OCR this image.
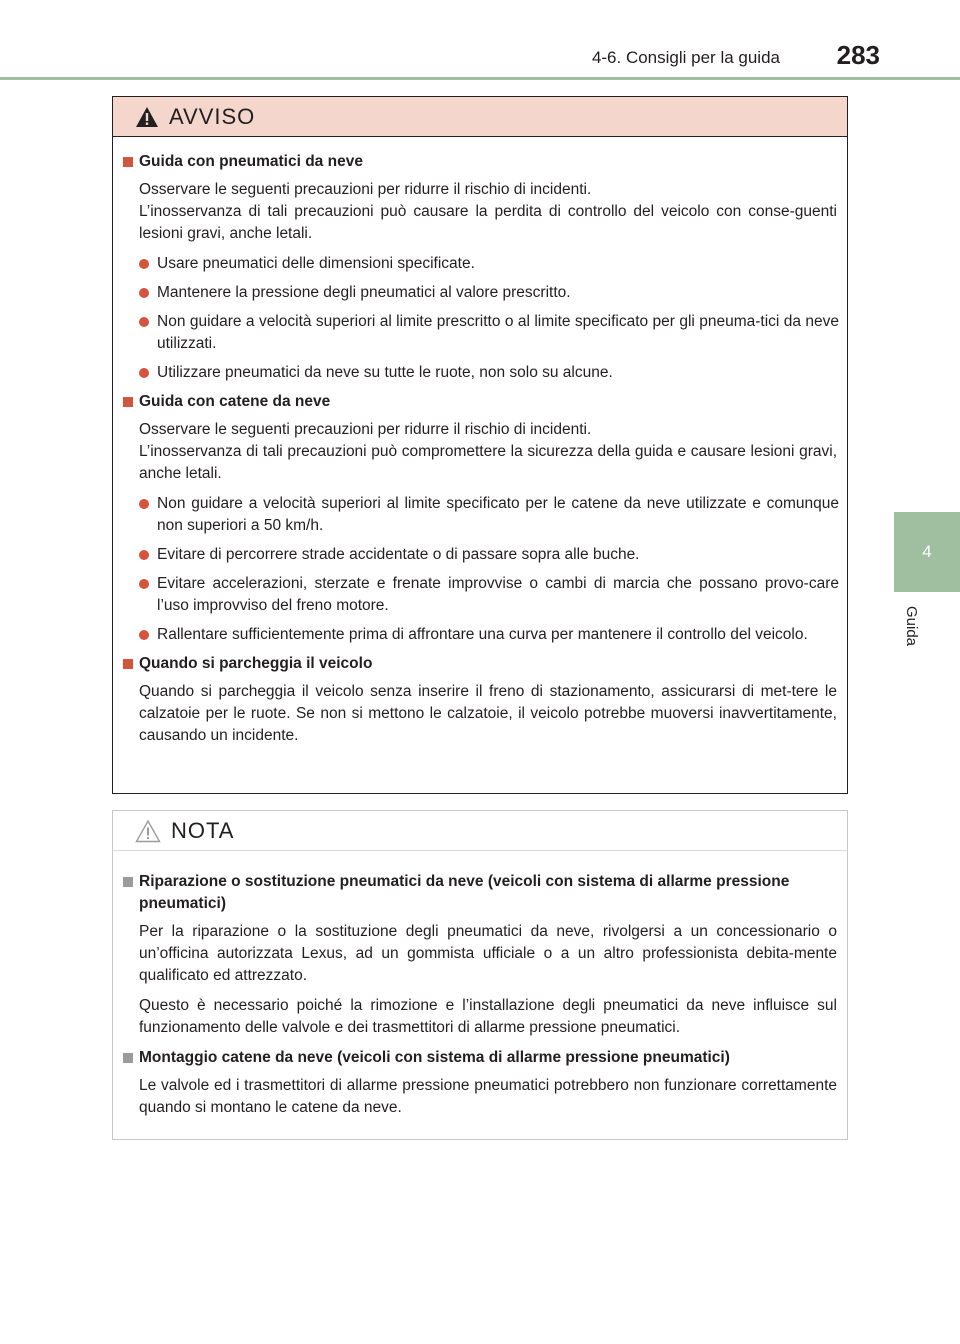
4-6. Consigli per la guida 283
4
Guida
AVVISO
Guida con pneumatici da neve
Osservare le seguenti precauzioni per ridurre il rischio di incidenti.
L’inosservanza di tali precauzioni può causare la perdita di controllo del veicolo con conse-guenti lesioni gravi, anche letali.
Usare pneumatici delle dimensioni specificate.
Mantenere la pressione degli pneumatici al valore prescritto.
Non guidare a velocità superiori al limite prescritto o al limite specificato per gli pneuma-tici da neve utilizzati.
Utilizzare pneumatici da neve su tutte le ruote, non solo su alcune.
Guida con catene da neve
Osservare le seguenti precauzioni per ridurre il rischio di incidenti.
L’inosservanza di tali precauzioni può compromettere la sicurezza della guida e causare lesioni gravi, anche letali.
Non guidare a velocità superiori al limite specificato per le catene da neve utilizzate e comunque non superiori a 50 km/h.
Evitare di percorrere strade accidentate o di passare sopra alle buche.
Evitare accelerazioni, sterzate e frenate improvvise o cambi di marcia che possano provo-care l’uso improvviso del freno motore.
Rallentare sufficientemente prima di affrontare una curva per mantenere il controllo del veicolo.
Quando si parcheggia il veicolo
Quando si parcheggia il veicolo senza inserire il freno di stazionamento, assicurarsi di met-tere le calzatoie per le ruote. Se non si mettono le calzatoie, il veicolo potrebbe muoversi inavvertitamente, causando un incidente.
NOTA
Riparazione o sostituzione pneumatici da neve (veicoli con sistema di allarme pressione pneumatici)
Per la riparazione o la sostituzione degli pneumatici da neve, rivolgersi a un concessionario o un’officina autorizzata Lexus, ad un gommista ufficiale o a un altro professionista debita-mente qualificato ed attrezzato.
Questo è necessario poiché la rimozione e l’installazione degli pneumatici da neve influisce sul funzionamento delle valvole e dei trasmettitori di allarme pressione pneumatici.
Montaggio catene da neve (veicoli con sistema di allarme pressione pneumatici)
Le valvole ed i trasmettitori di allarme pressione pneumatici potrebbero non funzionare correttamente quando si montano le catene da neve.
